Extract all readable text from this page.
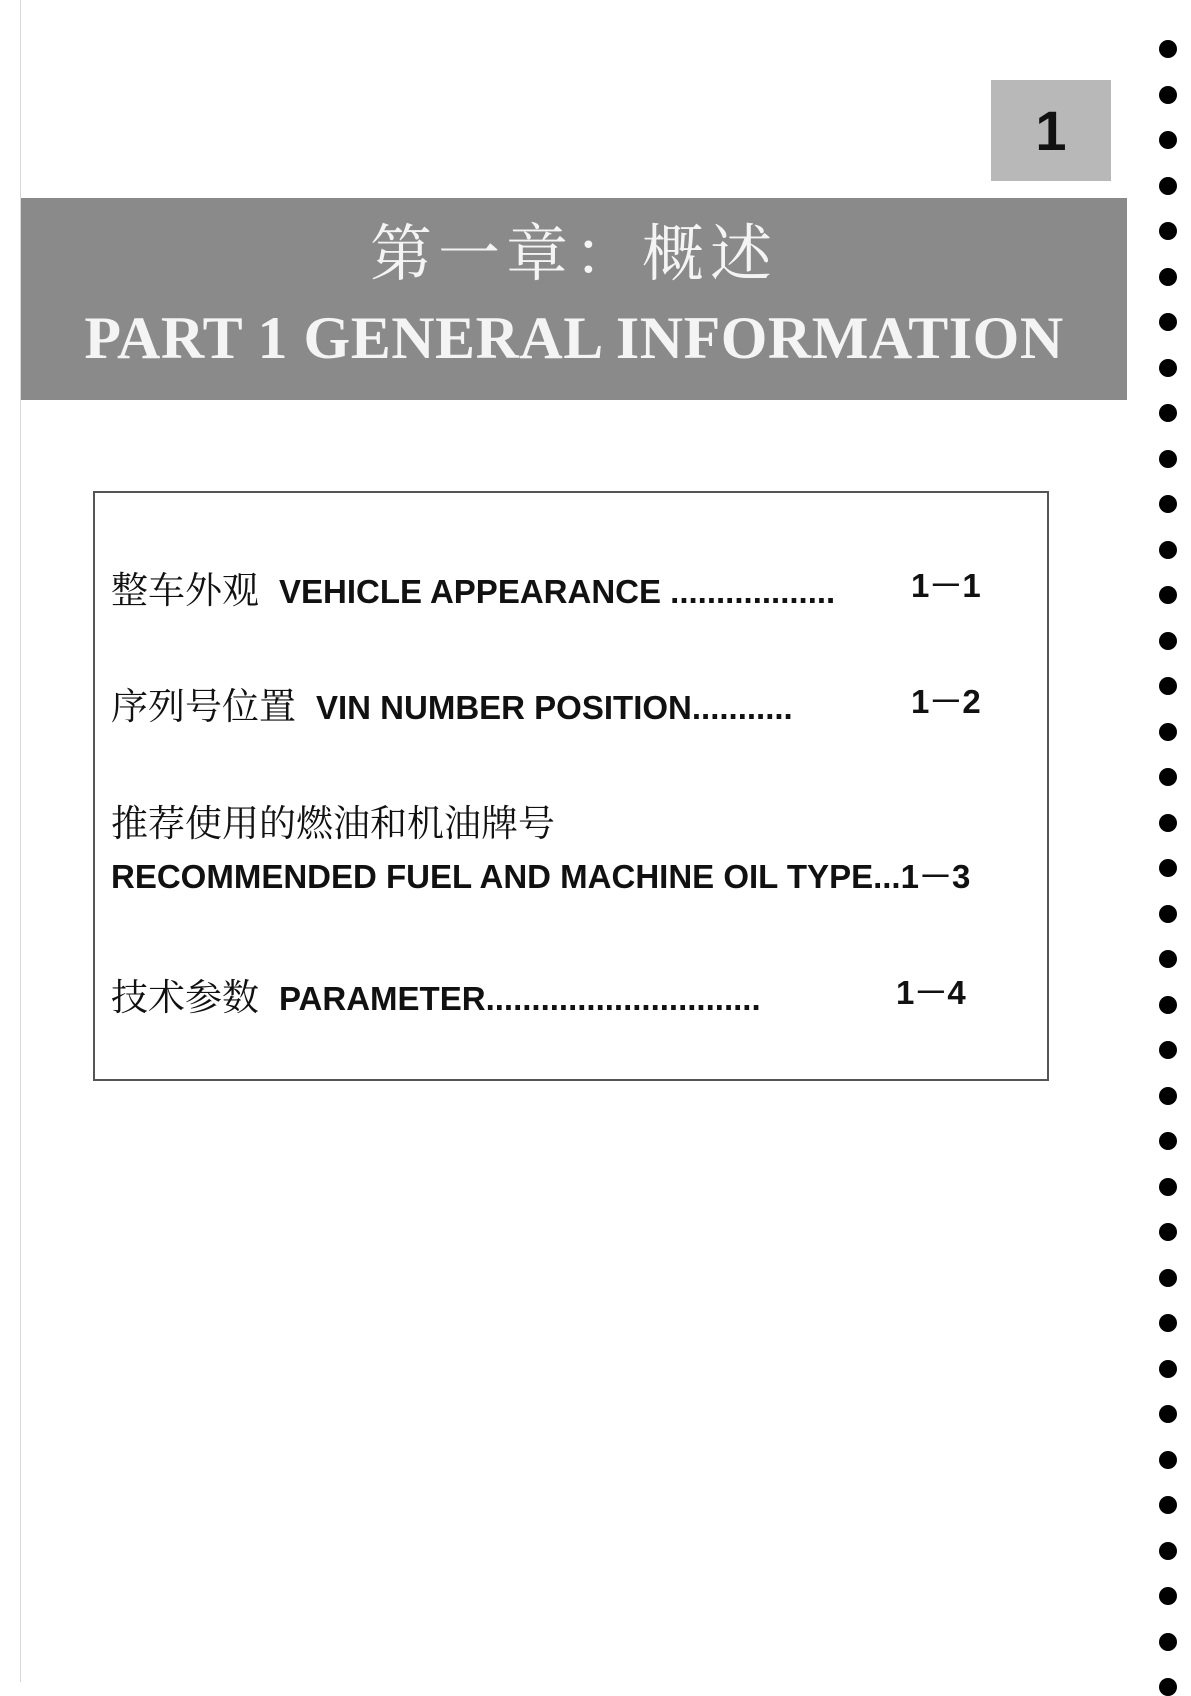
1
第一章：概述
PART 1 GENERAL INFORMATION
整车外观 VEHICLE APPEARANCE .................. 1－1
序列号位置 VIN NUMBER POSITION...........	1－2
推荐使用的燃油和机油牌号
RECOMMENDED FUEL AND MACHINE OIL TYPE...1－3
技术参数 PARAMETER..............................	1－4
